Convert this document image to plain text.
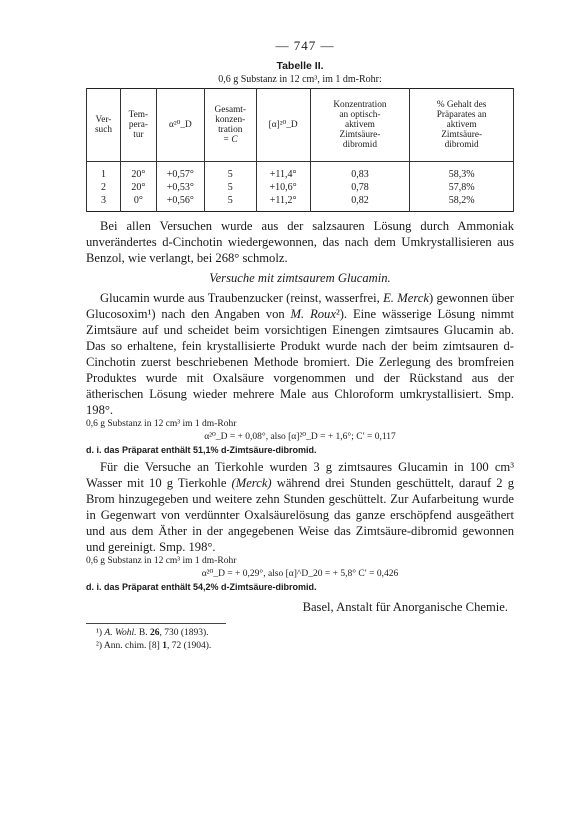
— 747 —
Tabelle II.
0,6 g Substanz in 12 cm³, im 1 dm-Rohr:
Ver-
such	Tem-
pera-
tur	α²⁰_D	Gesamt-
konzen-
tration
= C	[α]²⁰_D	Konzentration
an optisch-
aktivem
Zimtsäure-
dibromid	% Gehalt des
Präparates an
aktivem
Zimtsäure-
dibromid

1	20°	+0,57°	5	+11,4°	0,83	58,3%
2	20°	+0,53°	5	+10,6°	0,78	57,8%
3	0°	+0,56°	5	+11,2°	0,82	58,2%

Bei allen Versuchen wurde aus der salzsauren Lösung durch Ammoniak unverändertes d-Cinchotin wiedergewonnen, das nach dem Umkrystallisieren aus Benzol, wie verlangt, bei 268° schmolz.

Versuche mit zimtsaurem Glucamin.

Glucamin wurde aus Traubenzucker (reinst, wasserfrei, E. Merck) gewonnen über Glucosoxim¹) nach den Angaben von M. Roux²). Eine wässerige Lösung nimmt Zimtsäure auf und scheidet beim vorsichtigen Einengen zimtsaures Glucamin ab. Das so erhaltene, fein krystallisierte Produkt wurde nach der beim zimtsauren d-Cinchotin zuerst beschriebenen Methode bromiert. Die Zerlegung des bromfreien Produktes wurde mit Oxalsäure vorgenommen und der Rückstand aus der ätherischen Lösung wieder mehrere Male aus Chloroform umkrystallisiert. Smp. 198°.

0,6 g Substanz in 12 cm³ im 1 dm-Rohr
α²⁰_D = + 0,08°, also [α]²⁰_D = + 1,6°; C′ = 0,117
d. i. das Präparat enthält 51,1% d-Zimtsäure-dibromid.

Für die Versuche an Tierkohle wurden 3 g zimtsaures Glucamin in 100 cm³ Wasser mit 10 g Tierkohle (Merck) während drei Stunden geschüttelt, darauf 2 g Brom hinzugegeben und weitere zehn Stunden geschüttelt. Zur Aufarbeitung wurde in Gegenwart von verdünnter Oxalsäurelösung das ganze erschöpfend ausgeäthert und aus dem Äther in der angegebenen Weise das Zimtsäure-dibromid gewonnen und gereinigt. Smp. 198°.

0,6 g Substanz in 12 cm³ im 1 dm-Rohr
α²⁰_D = + 0,29°, also [α]^D_20 = + 5,8° C′ = 0,426
d. i. das Präparat enthält 54,2% d-Zimtsäure-dibromid.
Basel, Anstalt für Anorganische Chemie.
¹) A. Wohl. B. 26, 730 (1893).
²) Ann. chim. [8] 1, 72 (1904).
